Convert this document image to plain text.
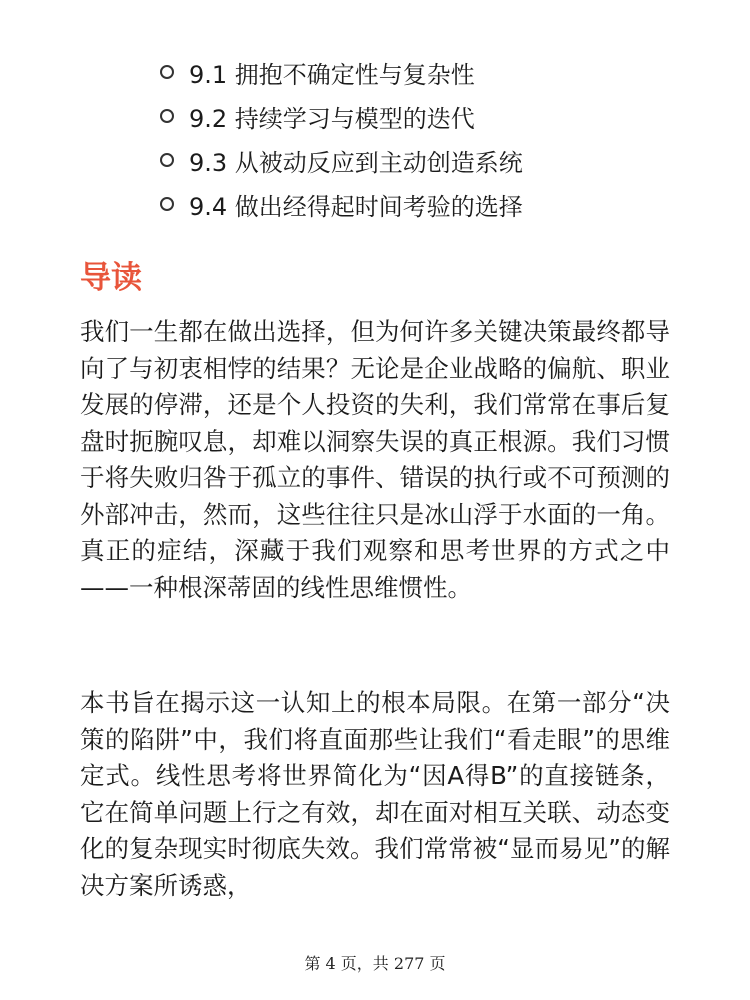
9.1 拥抱不确定性与复杂性
9.2 持续学习与模型的迭代
9.3 从被动反应到主动创造系统
9.4 做出经得起时间考验的选择
导读

我们一生都在做出选择，但为何许多关键决策最终都导向了与初衷相悖的结果？无论是企业战略的偏航、职业发展的停滞，还是个人投资的失利，我们常常在事后复盘时扼腕叹息，却难以洞察失误的真正根源。我们习惯于将失败归咎于孤立的事件、错误的执行或不可预测的外部冲击，然而，这些往往只是冰山浮于水面的一角。真正的症结，深藏于我们观察和思考世界的方式之中——一种根深蒂固的线性思维惯性。

本书旨在揭示这一认知上的根本局限。在第一部分“决策的陷阱”中，我们将直面那些让我们“看走眼”的思维定式。线性思考将世界简化为“因A得B”的直接链条，它在简单问题上行之有效，却在面对相互关联、动态变化的复杂现实时彻底失效。我们常常被“显而易见”的解决方案所诱惑，

第 4 页，共 277 页
